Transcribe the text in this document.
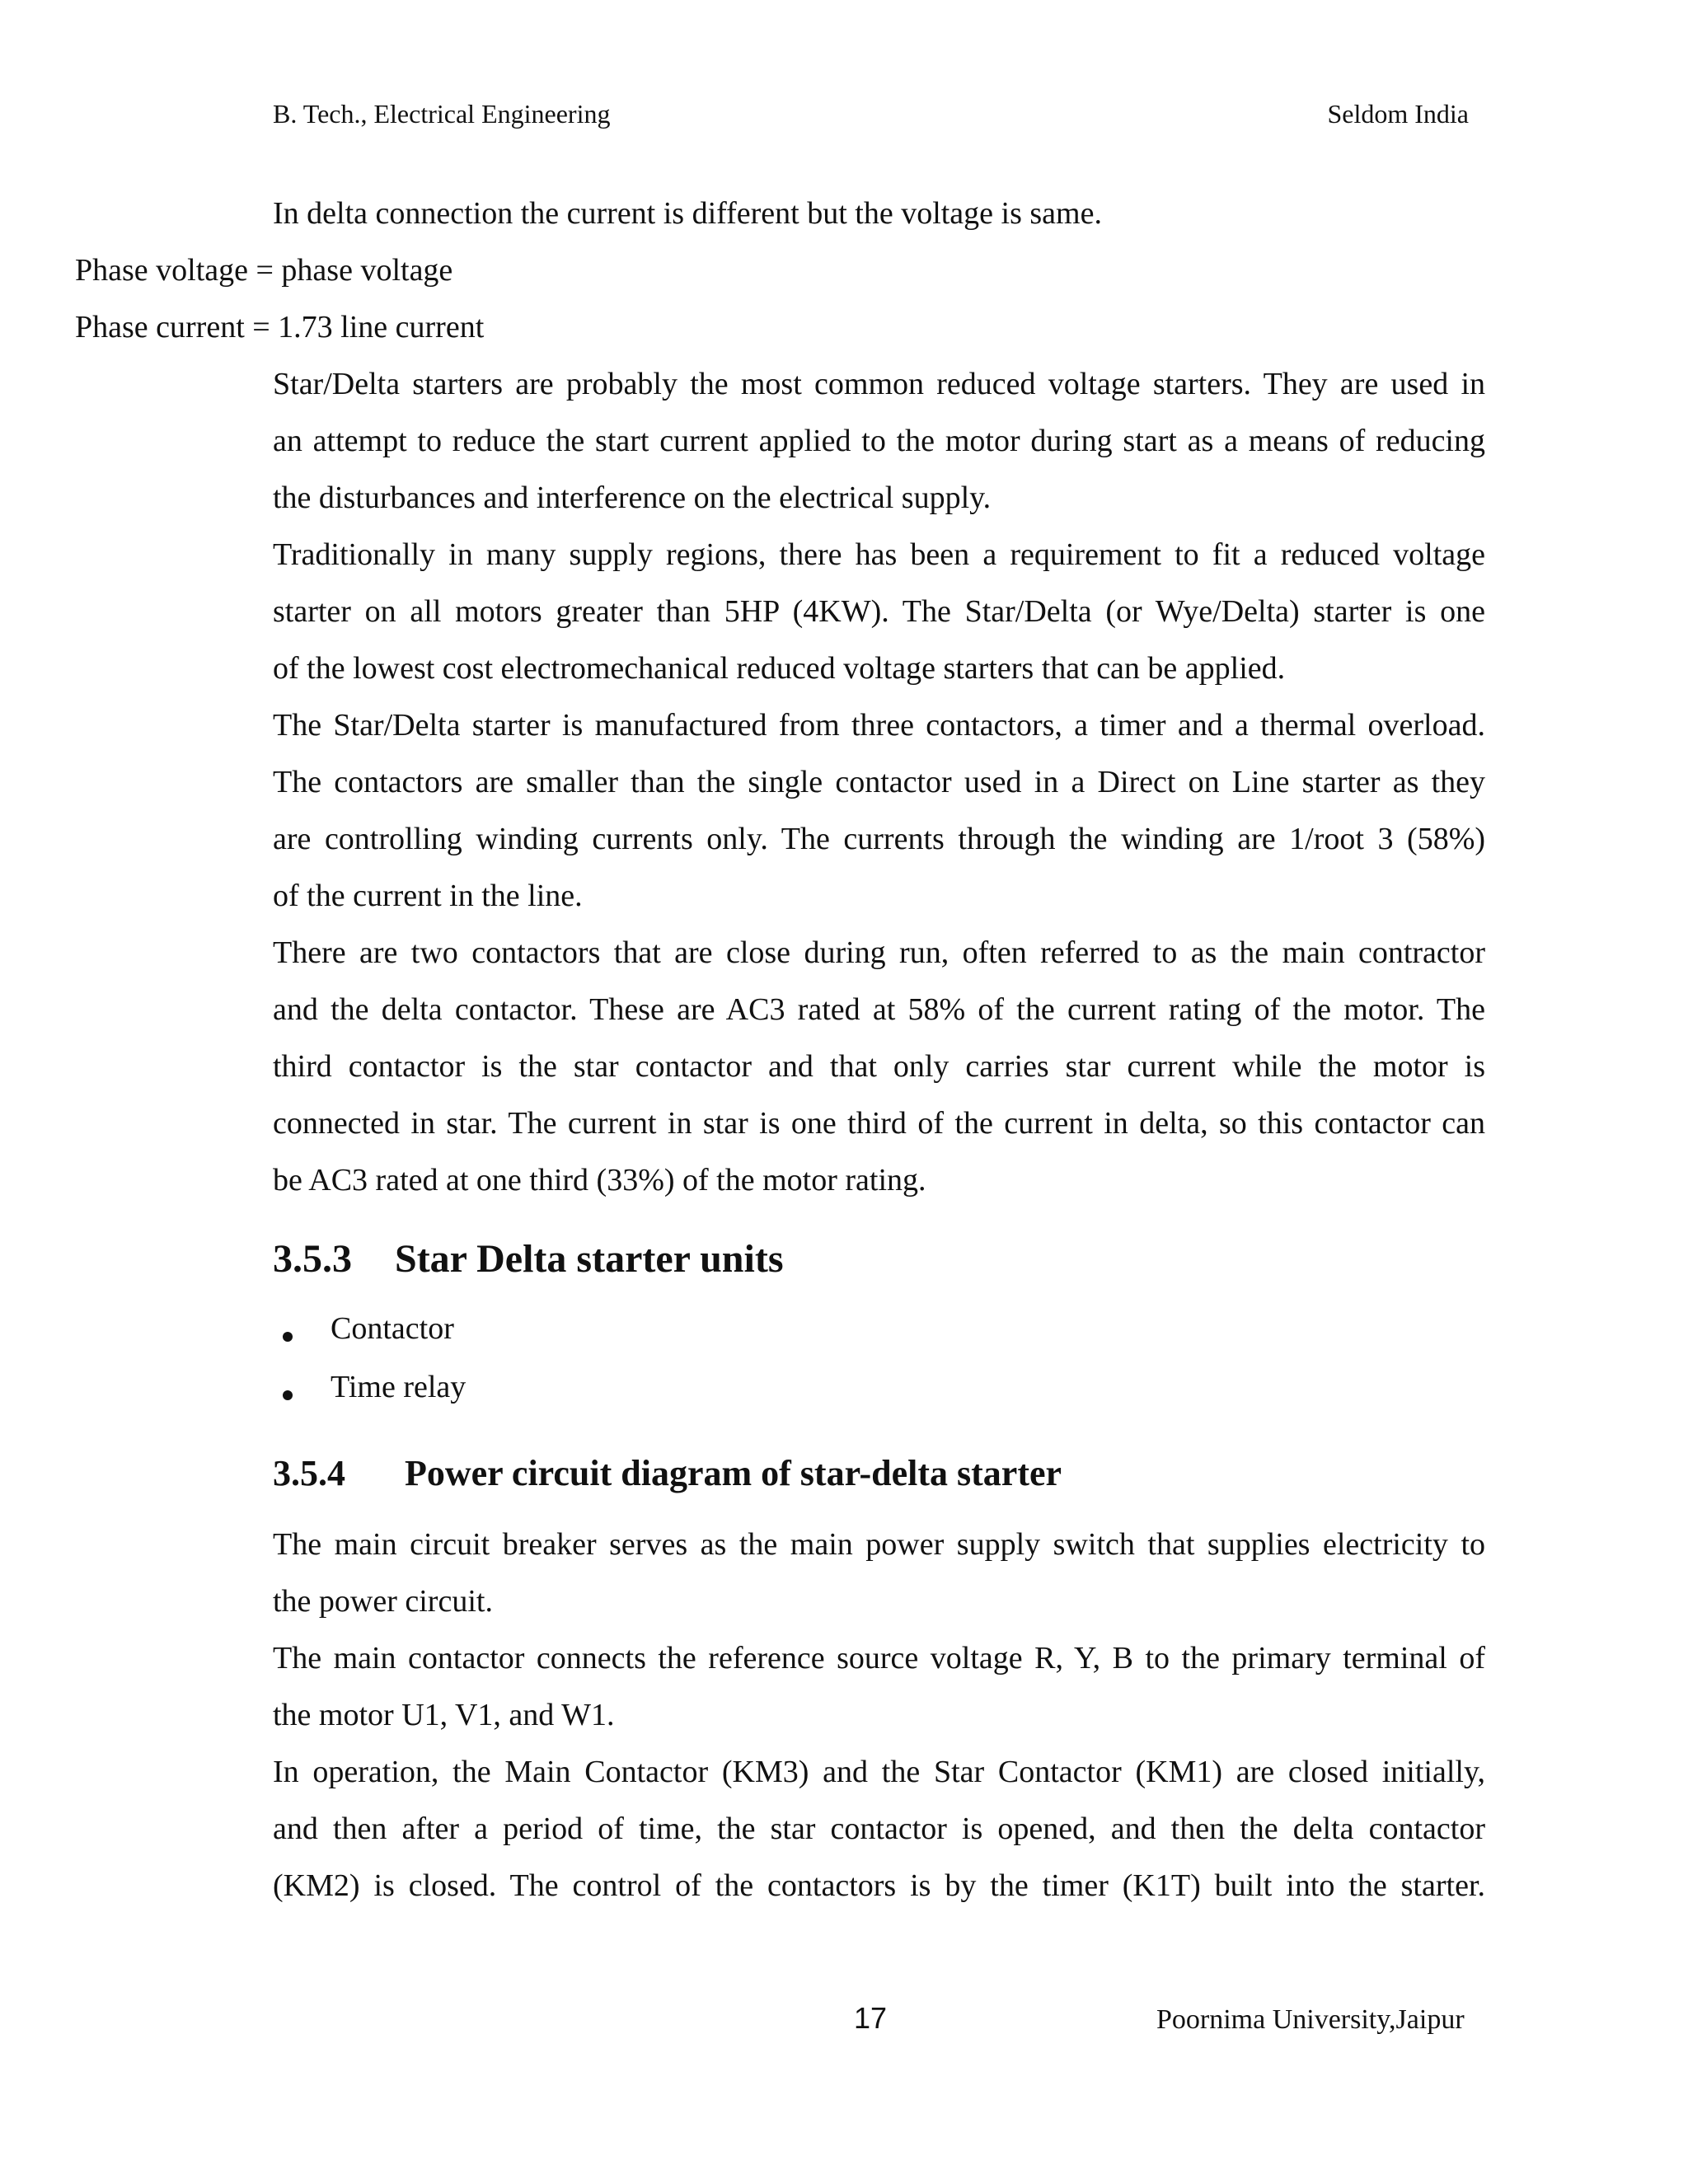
B. Tech., Electrical Engineering	Seldom India
In delta connection the current is different but the voltage is same.
Phase voltage = phase voltage
Phase current = 1.73 line current
Star/Delta starters are probably the most common reduced voltage starters. They are used in
an attempt to reduce the start current applied to the motor during start as a means of reducing
the disturbances and interference on the electrical supply.
Traditionally in many supply regions, there has been a requirement to fit a reduced voltage
starter on all motors greater than 5HP (4KW). The Star/Delta (or Wye/Delta) starter is one
of the lowest cost electromechanical reduced voltage starters that can be applied.
The Star/Delta starter is manufactured from three contactors, a timer and a thermal overload.
The contactors are smaller than the single contactor used in a Direct on Line starter as they
are controlling winding currents only. The currents through the winding are 1/root 3 (58%)
of the current in the line.
There are two contactors that are close during run, often referred to as the main contractor
and the delta contactor. These are AC3 rated at 58% of the current rating of the motor. The
third contactor is the star contactor and that only carries star current while the motor is
connected in star. The current in star is one third of the current in delta, so this contactor can
be AC3 rated at one third (33%) of the motor rating.
3.5.3 Star Delta starter units
Contactor
Time relay
3.5.4 Power circuit diagram of star-delta starter
The main circuit breaker serves as the main power supply switch that supplies electricity to
the power circuit.
The main contactor connects the reference source voltage R, Y, B to the primary terminal of
the motor U1, V1, and W1.
In operation, the Main Contactor (KM3) and the Star Contactor (KM1) are closed initially,
and then after a period of time, the star contactor is opened, and then the delta contactor
(KM2) is closed. The control of the contactors is by the timer (K1T) built into the starter.
17	Poornima University,Jaipur
